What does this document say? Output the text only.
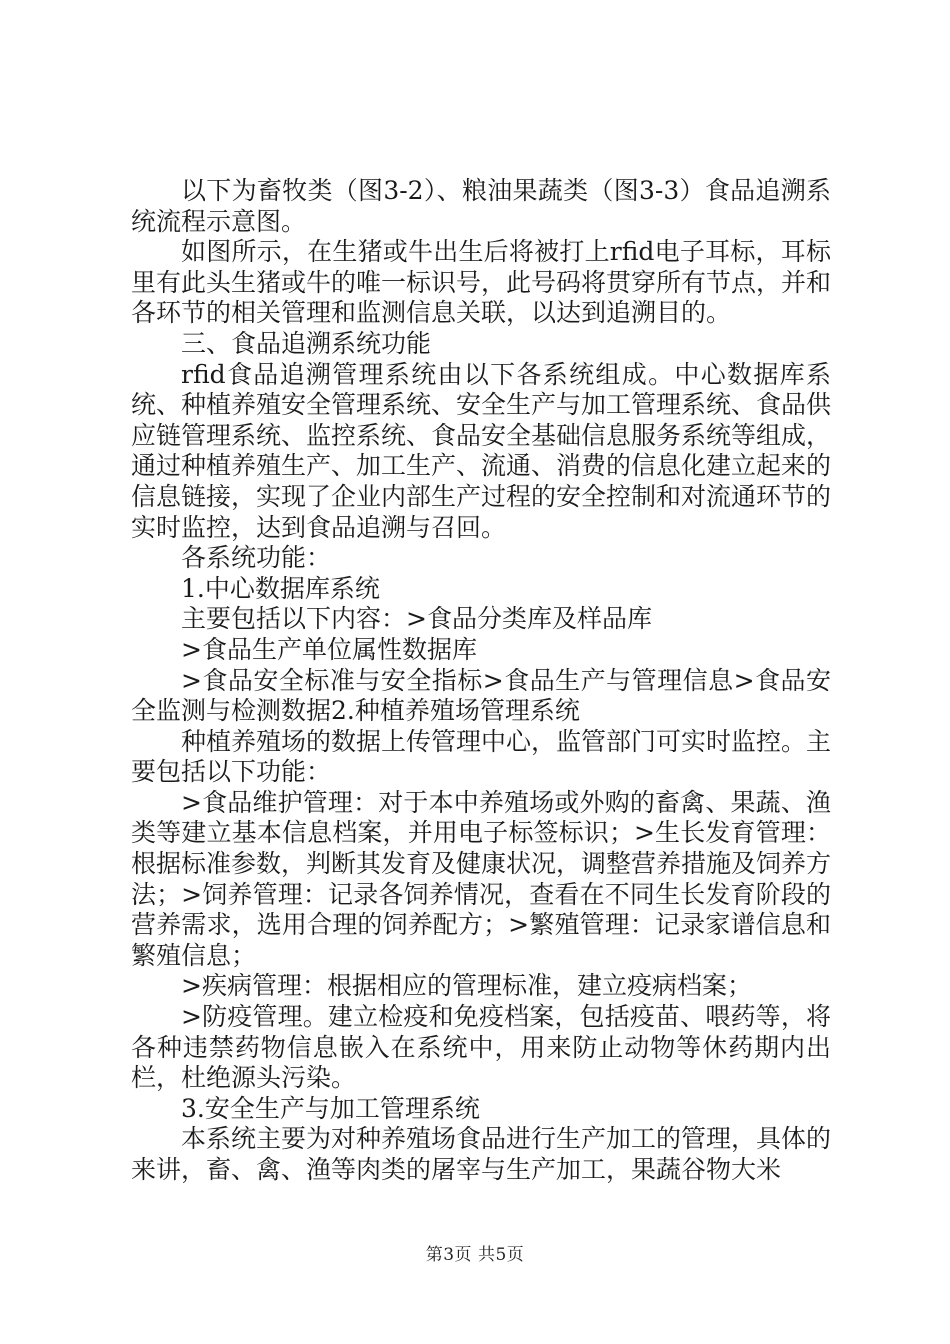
以下为畜牧类（图3-2）、粮油果蔬类（图3-3）食品追溯系统流程示意图。

如图所示，在生猪或牛出生后将被打上rfid电子耳标，耳标里有此头生猪或牛的唯一标识号，此号码将贯穿所有节点，并和各环节的相关管理和监测信息关联，以达到追溯目的。

三、食品追溯系统功能

rfid食品追溯管理系统由以下各系统组成。中心数据库系统、种植养殖安全管理系统、安全生产与加工管理系统、食品供应链管理系统、监控系统、食品安全基础信息服务系统等组成，通过种植养殖生产、加工生产、流通、消费的信息化建立起来的信息链接，实现了企业内部生产过程的安全控制和对流通环节的实时监控，达到食品追溯与召回。

各系统功能：

1.中心数据库系统

主要包括以下内容：>食品分类库及样品库

>食品生产单位属性数据库

>食品安全标准与安全指标>食品生产与管理信息>食品安全监测与检测数据2.种植养殖场管理系统

种植养殖场的数据上传管理中心，监管部门可实时监控。主要包括以下功能：

>食品维护管理：对于本中养殖场或外购的畜禽、果蔬、渔类等建立基本信息档案，并用电子标签标识；>生长发育管理：根据标准参数，判断其发育及健康状况，调整营养措施及饲养方法；>饲养管理：记录各饲养情况，查看在不同生长发育阶段的营养需求，选用合理的饲养配方；>繁殖管理：记录家谱信息和繁殖信息；

>疾病管理：根据相应的管理标准，建立疫病档案；

>防疫管理。建立检疫和免疫档案，包括疫苗、喂药等，将各种违禁药物信息嵌入在系统中，用来防止动物等休药期内出栏，杜绝源头污染。

3.安全生产与加工管理系统

本系统主要为对种养殖场食品进行生产加工的管理，具体的来讲，畜、禽、渔等肉类的屠宰与生产加工，果蔬谷物大米

第3页 共5页
